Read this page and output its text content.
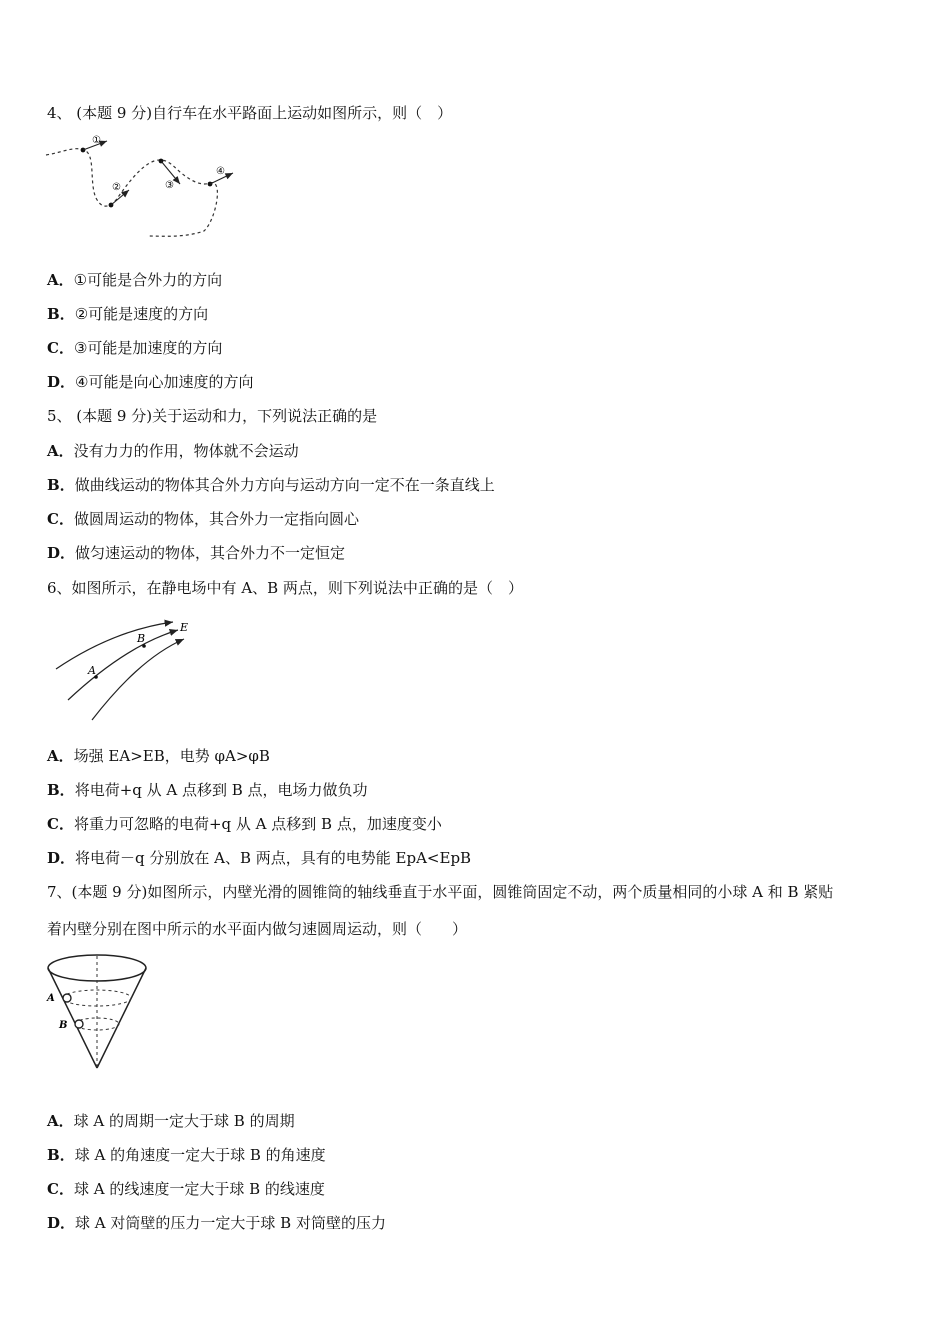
4、 (本题 9 分)自行车在水平路面上运动如图所示，则（　）
①
②	③
④
A．①可能是合外力的方向
B．②可能是速度的方向
C．③可能是加速度的方向
D．④可能是向心加速度的方向
5、 (本题 9 分)关于运动和力，下列说法正确的是
A．没有力力的作用，物体就不会运动
B．做曲线运动的物体其合外力方向与运动方向一定不在一条直线上
C．做圆周运动的物体，其合外力一定指向圆心
D．做匀速运动的物体，其合外力不一定恒定
6、如图所示，在静电场中有 A、B 两点，则下列说法中正确的是（　）
A
B
E
A．场强 EA>EB，电势 φA>φB
B．将电荷+q 从 A 点移到 B 点，电场力做负功
C．将重力可忽略的电荷+q 从 A 点移到 B 点，加速度变小
D．将电荷－q 分别放在 A、B 两点，具有的电势能 EpA<EpB
7、(本题 9 分)如图所示，内壁光滑的圆锥筒的轴线垂直于水平面，圆锥筒固定不动，两个质量相同的小球 A 和 B 紧贴
着内壁分别在图中所示的水平面内做匀速圆周运动，则（　　）
A
B
A．球 A 的周期一定大于球 B 的周期
B．球 A 的角速度一定大于球 B 的角速度
C．球 A 的线速度一定大于球 B 的线速度
D．球 A 对筒壁的压力一定大于球 B 对筒壁的压力
